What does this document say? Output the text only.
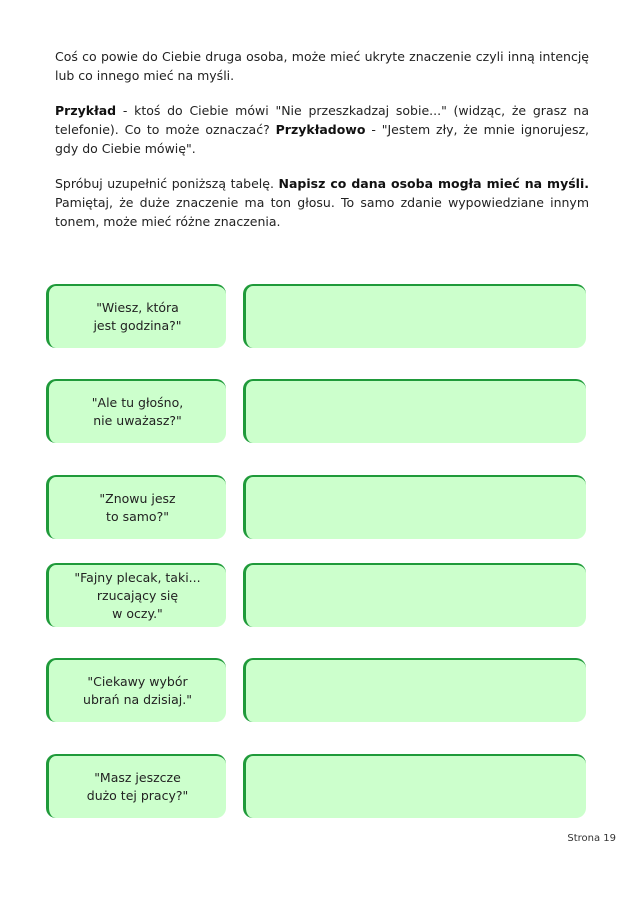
Coś co powie do Ciebie druga osoba, może mieć ukryte znaczenie czyli inną intencję lub co innego mieć na myśli.

Przykład - ktoś do Ciebie mówi "Nie przeszkadzaj sobie..." (widząc, że grasz na telefonie). Co to może oznaczać? Przykładowo - "Jestem zły, że mnie ignorujesz, gdy do Ciebie mówię".

Spróbuj uzupełnić poniższą tabelę. Napisz co dana osoba mogła mieć na myśli. Pamiętaj, że duże znaczenie ma ton głosu. To samo zdanie wypowiedziane innym tonem, może mieć różne znaczenia.

"Wiesz, która
jest godzina?"
"Ale tu głośno,
nie uważasz?"
"Znowu jesz
to samo?"
"Fajny plecak, taki...
rzucający się
w oczy."
"Ciekawy wybór
ubrań na dzisiaj."
"Masz jeszcze
dużo tej pracy?"
Strona 19
